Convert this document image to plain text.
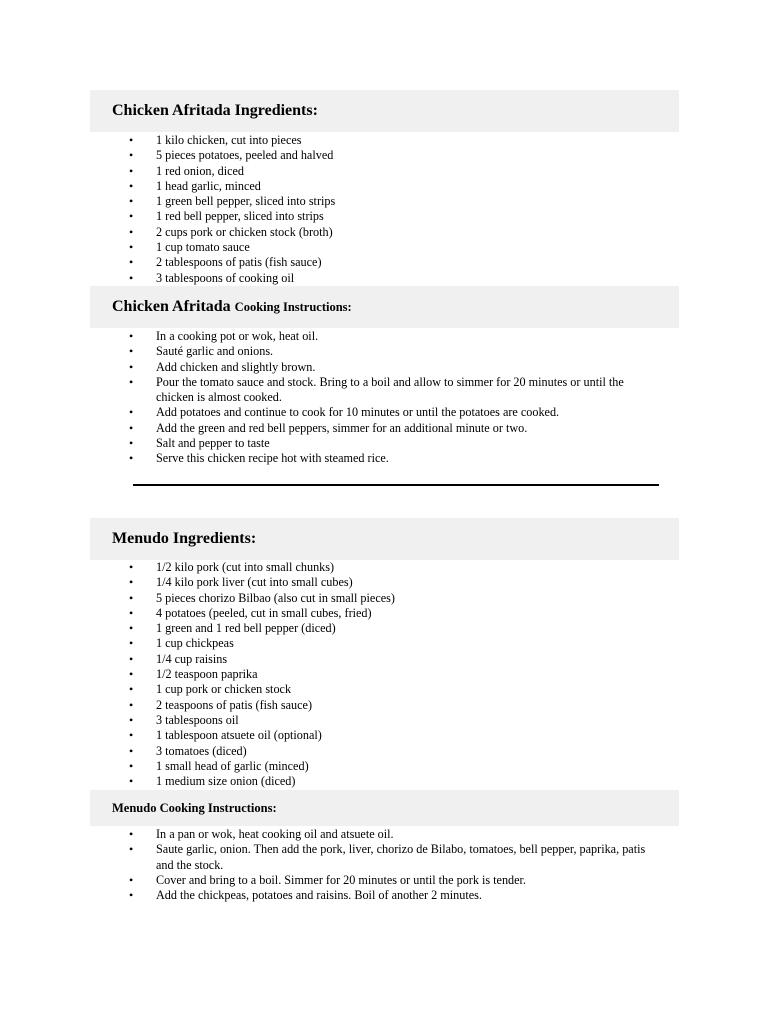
Chicken Afritada Ingredients:
• 1 kilo chicken, cut into pieces
• 5 pieces potatoes, peeled and halved
• 1 red onion, diced
• 1 head garlic, minced
• 1 green bell pepper, sliced into strips
• 1 red bell pepper, sliced into strips
• 2 cups pork or chicken stock (broth)
• 1 cup tomato sauce
• 2 tablespoons of patis (fish sauce)
• 3 tablespoons of cooking oil
Chicken Afritada Cooking Instructions:
• In a cooking pot or wok, heat oil.
• Sauté garlic and onions.
• Add chicken and slightly brown.
• Pour the tomato sauce and stock. Bring to a boil and allow to simmer for 20 minutes or until the chicken is almost cooked.
• Add potatoes and continue to cook for 10 minutes or until the potatoes are cooked.
• Add the green and red bell peppers, simmer for an additional minute or two.
• Salt and pepper to taste
• Serve this chicken recipe hot with steamed rice.
Menudo Ingredients:
• 1/2 kilo pork (cut into small chunks)
• 1/4 kilo pork liver (cut into small cubes)
• 5 pieces chorizo Bilbao (also cut in small pieces)
• 4 potatoes (peeled, cut in small cubes, fried)
• 1 green and 1 red bell pepper (diced)
• 1 cup chickpeas
• 1/4 cup raisins
• 1/2 teaspoon paprika
• 1 cup pork or chicken stock
• 2 teaspoons of patis (fish sauce)
• 3 tablespoons oil
• 1 tablespoon atsuete oil (optional)
• 3 tomatoes (diced)
• 1 small head of garlic (minced)
• 1 medium size onion (diced)
Menudo Cooking Instructions:
• In a pan or wok, heat cooking oil and atsuete oil.
• Saute garlic, onion. Then add the pork, liver, chorizo de Bilabo, tomatoes, bell pepper, paprika, patis and the stock.
• Cover and bring to a boil. Simmer for 20 minutes or until the pork is tender.
• Add the chickpeas, potatoes and raisins. Boil of another 2 minutes.
